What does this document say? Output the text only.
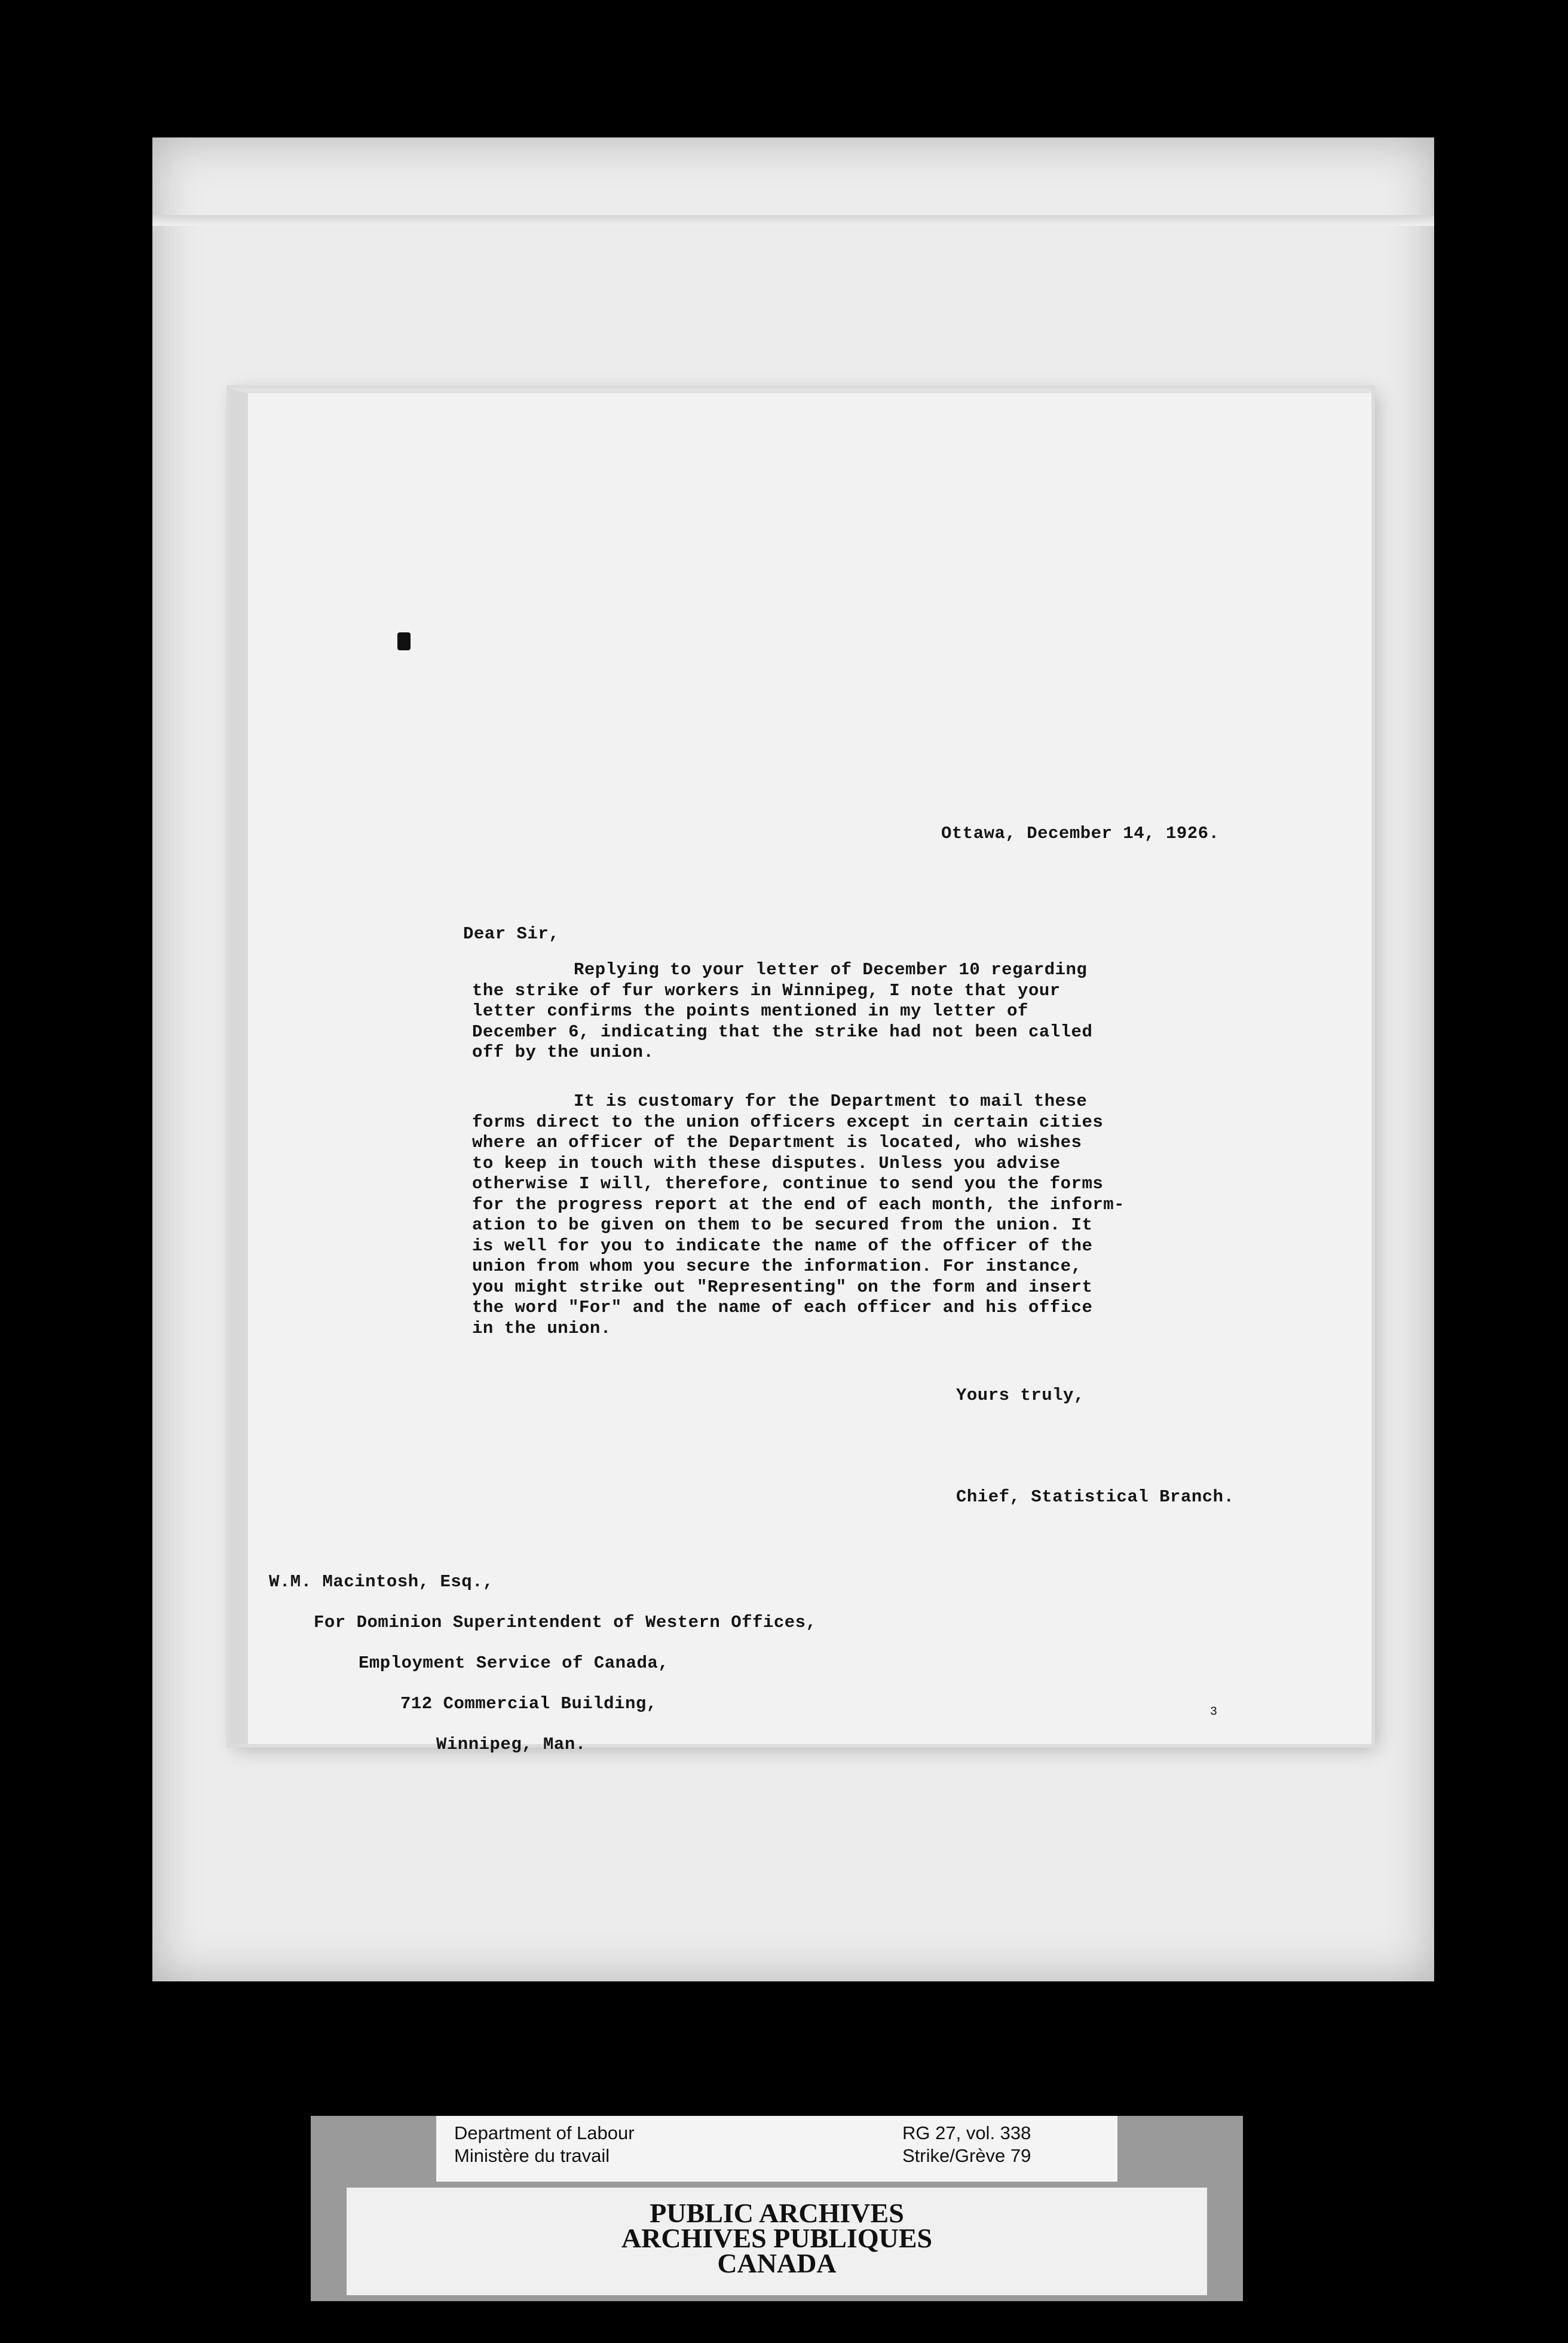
Ottawa, December 14, 1926.
Dear Sir,
Replying to your letter of December 10 regarding
the strike of fur workers in Winnipeg, I note that your
letter confirms the points mentioned in my letter of
December 6, indicating that the strike had not been called
off by the union.
It is customary for the Department to mail these
forms direct to the union officers except in certain cities
where an officer of the Department is located, who wishes
to keep in touch with these disputes. Unless you advise
otherwise I will, therefore, continue to send you the forms
for the progress report at the end of each month, the inform-
ation to be given on them to be secured from the union. It
is well for you to indicate the name of the officer of the
union from whom you secure the information. For instance,
you might strike out "Representing" on the form and insert
the word "For" and the name of each officer and his office
in the union.
Yours truly,
Chief, Statistical Branch.

W.M. Macintosh, Esq.,

For Dominion Superintendent of Western Offices,

Employment Service of Canada,

712 Commercial Building,

Winnipeg, Man.

3
Department of Labour
Ministère du travail
RG 27, vol. 338
Strike/Grève 79
PUBLIC ARCHIVES
ARCHIVES PUBLIQUES
CANADA
